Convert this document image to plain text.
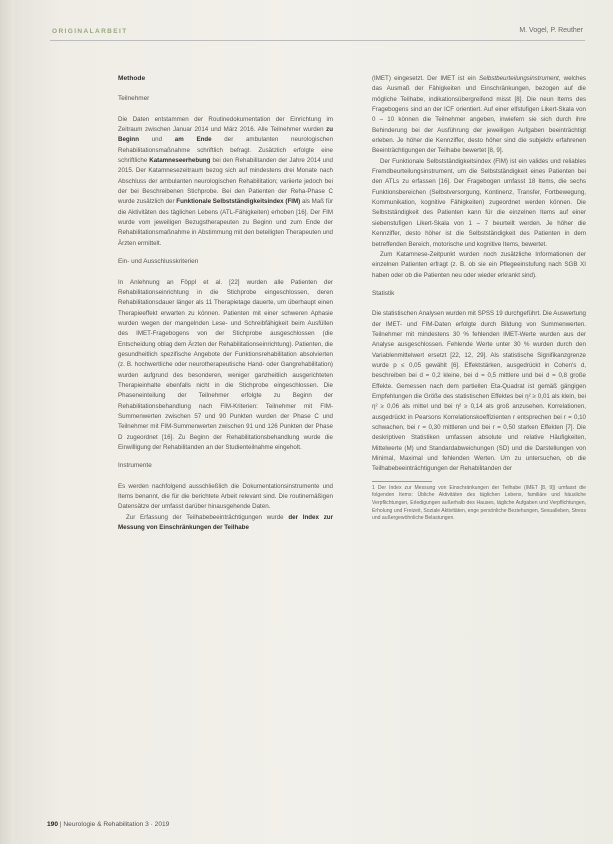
ORIGINALARBEIT	M. Vogel, P. Reuther
Methode
Teilnehmer

Die Daten entstammen der Routinedokumentation der Einrichtung im Zeitraum zwischen Januar 2014 und März 2016. Alle Teilnehmer wurden zu Beginn und am Ende der ambulanten neurologischen Rehabilitationsmaßnahme schriftlich befragt. Zusätzlich erfolgte eine schriftliche Katamneseerhebung bei den Rehabilitanden der Jahre 2014 und 2015. Der Katamnesezeitraum bezog sich auf mindestens drei Monate nach Abschluss der ambulanten neurologischen Rehabilitation; variierte jedoch bei der bei Beschreibenen Stichprobe. Bei den Patienten der Reha-Phase C wurde zusätzlich der Funktionale Selbstständigkeitsindex (FIM) als Maß für die Aktivitäten des täglichen Lebens (ATL-Fähigkeiten) erhoben [16]. Der FIM wurde vom jeweiligen Bezugstherapeuten zu Beginn und zum Ende der Rehabilitationsmaßnahme in Abstimmung mit den beteiligten Therapeuten und Ärzten ermittelt.

Ein- und Ausschlusskriterien

In Anlehnung an Föppl et al. [22] wurden alle Patienten der Rehabilitationseinrichtung in die Stichprobe eingeschlossen, deren Rehabilitationsdauer länger als 11 Therapietage dauerte, um überhaupt einen Therapieeffekt erwarten zu können. Patienten mit einer schweren Aphasie wurden wegen der mangelnden Lese- und Schreibfähigkeit beim Ausfüllen des IMET-Fragebogens von der Stichprobe ausgeschlossen (die Entscheidung oblag dem Ärzten der Rehabilitationseinrichtung). Patienten, die gesundheitlich spezifische Angebote der Funktionsrehabilitation absolvierten (z. B. hochwertliche oder neurotherapeutische Hand- oder Gangrehabilitation) wurden aufgrund des besonderen, weniger ganzheitlich ausgerichteten Therapieinhalte ebenfalls nicht in die Stichprobe eingeschlossen. Die Phaseneinteilung der Teilnehmer erfolgte zu Beginn der Rehabilitationsbehandlung nach FIM-Kriterien: Teilnehmer mit FIM-Summenwerten zwischen 57 und 90 Punkten wurden der Phase C und Teilnehmer mit FIM-Summenwerten zwischen 91 und 126 Punkten der Phase D zugeordnet [16]. Zu Beginn der Rehabilitationsbehandlung wurde die Einwilligung der Rehabilitanden an der Studienteilnahme eingeholt.

Instrumente

Es werden nachfolgend ausschließlich die Dokumentationsinstrumente und Items benannt, die für die berichtete Arbeit relevant sind. Die routinemäßigen Datensätze der umfasst darüber hinausgehende Daten.

Zur Erfassung der Teilhabebeeinträchtigungen wurde der Index zur Messung von Einschränkungen der Teilhabe

(IMET) eingesetzt. Der IMET ist ein Selbstbeurteilungsinstrument, welches das Ausmaß der Fähigkeiten und Einschränkungen, bezogen auf die mögliche Teilhabe, indikationsübergreifend misst [8]. Die neun Items des Fragebogens sind an der ICF orientiert. Auf einer elfstufigen Likert-Skala von 0 – 10 können die Teilnehmer angeben, inwiefern sie sich durch ihre Behinderung bei der Ausführung der jeweiligen Aufgaben beeinträchtigt erleben. Je höher die Kennziffer, desto höher sind die subjektiv erfahrenen Beeinträchtigungen der Teilhabe bewertet [8, 9].

Der Funktionale Selbstständigkeitsindex (FIM) ist ein valides und reliables Fremdbeurteilungsinstrument, um die Selbstständigkeit eines Patienten bei den ATLs zu erfassen [16]. Der Fragebogen umfasst 18 Items, die sechs Funktionsbereichen (Selbstversorgung, Kontinenz, Transfer, Fortbewegung, Kommunikation, kognitive Fähigkeiten) zugeordnet werden können. Die Selbstständigkeit des Patienten kann für die einzelnen Items auf einer siebenstufigen Likert-Skala von 1 – 7 beurteilt werden. Je höher die Kennziffer, desto höher ist die Selbstständigkeit des Patienten in dem betreffenden Bereich, motorische und kognitive Items, bewertet.

Zum Katamnese-Zeitpunkt wurden noch zusätzliche Informationen der einzelnen Patienten erfragt (z. B. ob sie ein Pflegeeinstufung nach SGB XI haben oder ob die Patienten neu oder wieder erkrankt sind).

Statistik

Die statistischen Analysen wurden mit SPSS 19 durchgeführt. Die Auswertung der IMET- und FIM-Daten erfolgte durch Bildung von Summenwerten. Teilnehmer mit mindestens 30 % fehlenden IMET-Werte wurden aus der Analyse ausgeschlossen. Fehlende Werte unter 30 % wurden durch den Variablenmittelwert ersetzt [22, 12, 29]. Als statistische Signifikanzgrenze wurde p ≤ 0,05 gewählt [6]. Effektstärken, ausgedrückt in Cohen's d, beschreiben bei d = 0,2 kleine, bei d = 0,5 mittlere und bei d = 0,8 große Effekte. Gemessen nach dem partiellen Eta-Quadrat ist gemäß gängigen Empfehlungen die Größe des statistischen Effektes bei η² ≥ 0,01 als klein, bei η² ≥ 0,06 als mittel und bei η² ≥ 0,14 als groß anzusehen. Korrelationen, ausgedrückt in Pearsons Korrelationskoeffizienten r entsprechen bei r = 0,10 schwachen, bei r = 0,30 mittleren und bei r = 0,50 starken Effekten [7]. Die deskriptiven Statistiken umfassen absolute und relative Häufigkeiten, Mittelwerte (M) und Standardabweichungen (SD) und die Darstellungen von Minimal, Maximal und fehlenden Werten. Um zu untersuchen, ob die Teilhabebeeinträchtigungen der Rehabilitanden der

1 Der Index zur Messung von Einschränkungen der Teilhabe (IMET [8, 9]) umfasst die folgenden Items: Übliche Aktivitäten des täglichen Lebens, familiäre und häusliche Verpflichtungen, Erledigungen außerhalb des Hauses, tägliche Aufgaben und Verpflichtungen, Erholung und Freizeit, Soziale Aktivitäten, enge persönliche Beziehungen, Sexualleben, Stress und außergewöhnliche Belastungen.
190 | Neurologie & Rehabilitation 3 · 2019
